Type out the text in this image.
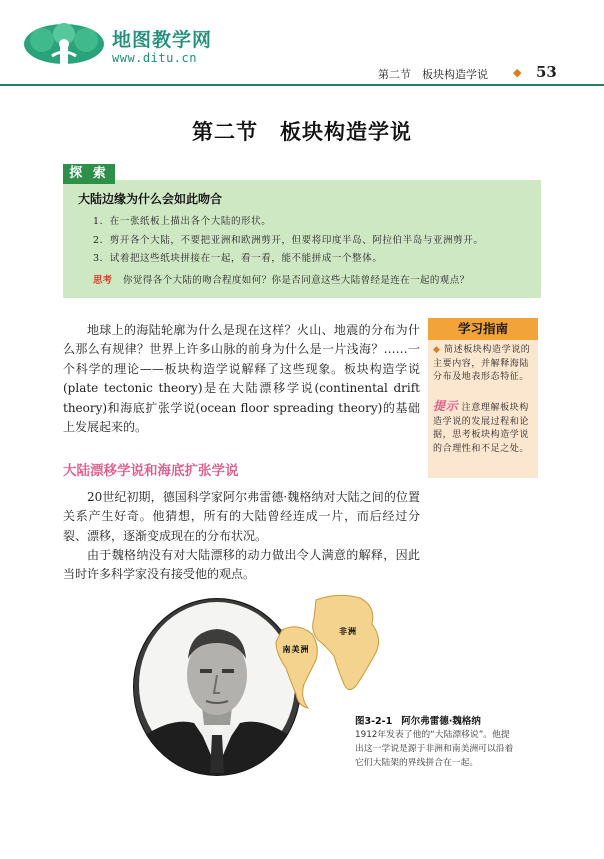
地图教学网
www.ditu.cn
第二节　板块构造学说 ◆ 53
第二节　板块构造学说
探 索
大陆边缘为什么会如此吻合
1．在一张纸板上描出各个大陆的形状。
2．剪开各个大陆，不要把亚洲和欧洲剪开，但要将印度半岛、阿拉伯半岛与亚洲剪开。
3．试着把这些纸块拼接在一起，看一看，能不能拼成一个整体。
思考 你觉得各个大陆的吻合程度如何？你是否同意这些大陆曾经是连在一起的观点？
地球上的海陆轮廓为什么是现在这样？火山、地震的分布为什么那么有规律？世界上许多山脉的前身为什么是一片浅海？……一个科学的理论——板块构造学说解释了这些现象。板块构造学说(plate tectonic theory)是在大陆漂移学说(continental drift theory)和海底扩张学说(ocean floor spreading theory)的基础上发展起来的。
大陆漂移学说和海底扩张学说
20世纪初期，德国科学家阿尔弗雷德·魏格纳对大陆之间的位置关系产生好奇。他猜想，所有的大陆曾经连成一片，而后经过分裂、漂移，逐渐变成现在的分布状况。
由于魏格纳没有对大陆漂移的动力做出令人满意的解释，因此当时许多科学家没有接受他的观点。
学习指南
◆ 简述板块构造学说的主要内容，并解释海陆分布及地表形态特征。
提示 注意理解板块构造学说的发展过程和论据，思考板块构造学说的合理性和不足之处。
非洲
南美洲
图3-2-1 阿尔弗雷德·魏格纳
1912年发表了他的“大陆漂移说”。他提出这一学说是源于非洲和南美洲可以沿着它们大陆架的界线拼合在一起。
